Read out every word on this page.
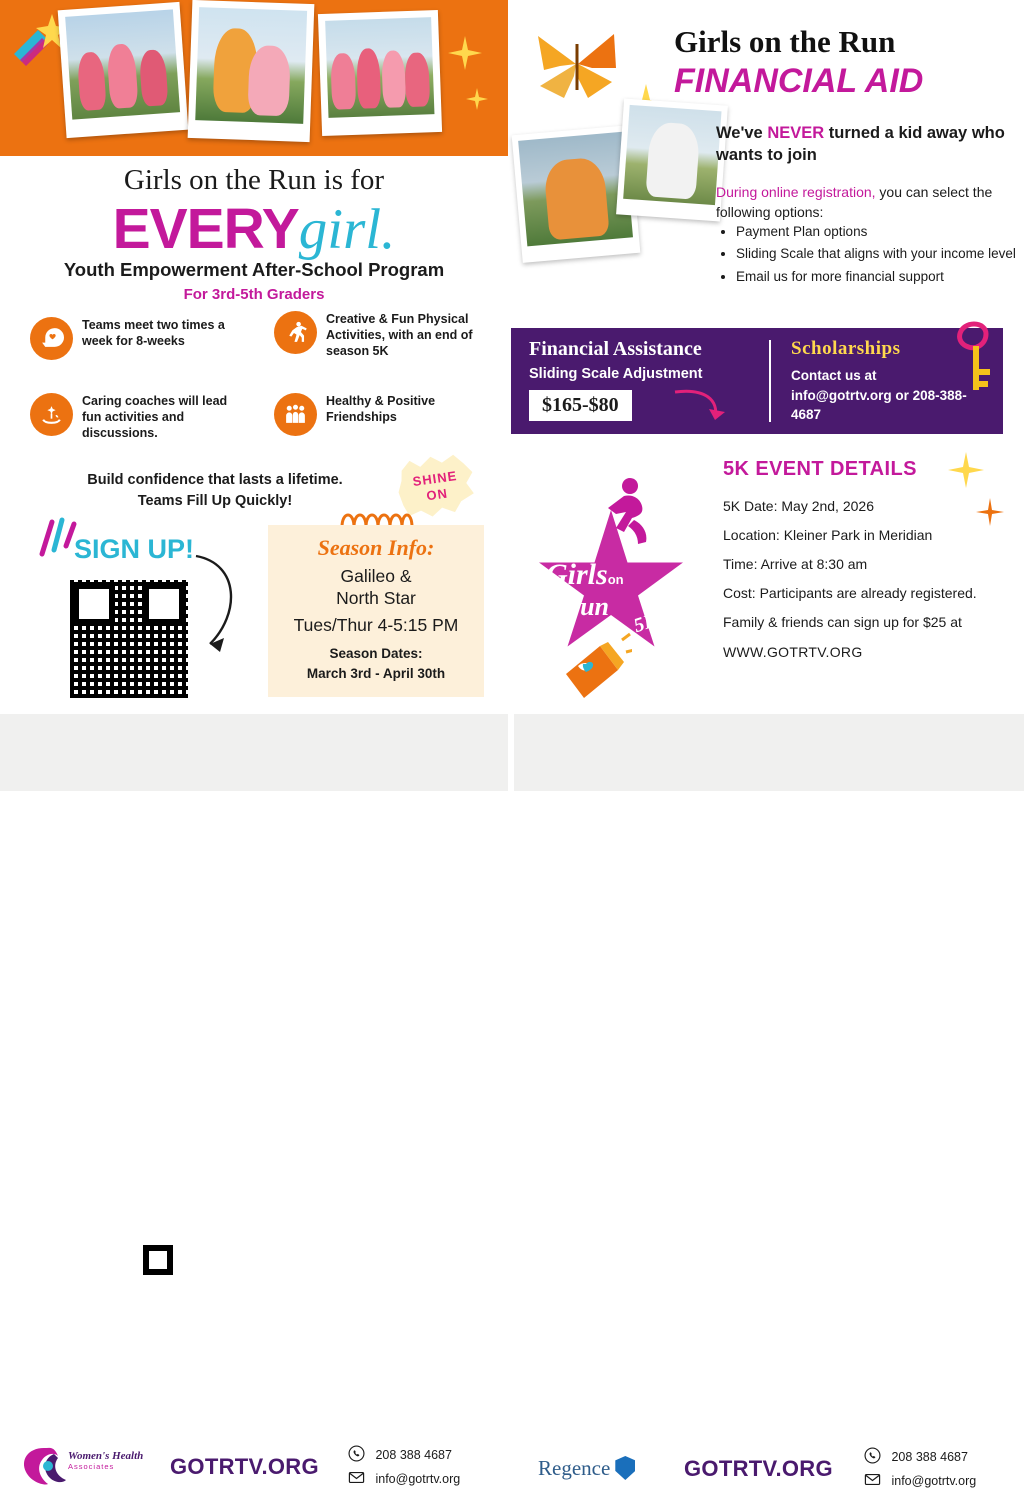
Girls on the Run is for
EVERYgirl.
Youth Empowerment After-School Program
For 3rd-5th Graders
Teams meet two times a week for 8-weeks
Creative & Fun Physical Activities, with an end of season 5K
Caring coaches will lead fun activities and discussions.
Healthy & Positive Friendships
Build confidence that lasts a lifetime.
Teams Fill Up Quickly!
SHINE
ON
SIGN UP!	Season Info:
Galileo &
North Star
Tues/Thur 4-5:15 PM
Season Dates:
March 3rd - April 30th
Girls on the Run
FINANCIAL AID
We've NEVER turned a kid away who wants to join
During online registration, you can select the following options:
• Payment Plan options
• Sliding Scale that aligns with your income level
• Email us for more financial support
Financial Assistance
Sliding Scale Adjustment
$165-$80
Scholarships
Contact us at info@gotrtv.org or 208-388-4687
5K EVENT DETAILS
5K Date: May 2nd, 2026
Location: Kleiner Park in Meridian
Time: Arrive at 8:30 am
Cost: Participants are already registered.
Family & friends can sign up for $25 at
WWW.GOTRTV.ORG
Girlson
the run
5K
Women's Health
Associates	GOTRTV.ORG	208 388 4687
info@gotrtv.org	Regence	GOTRTV.ORG	208 388 4687
info@gotrtv.org
